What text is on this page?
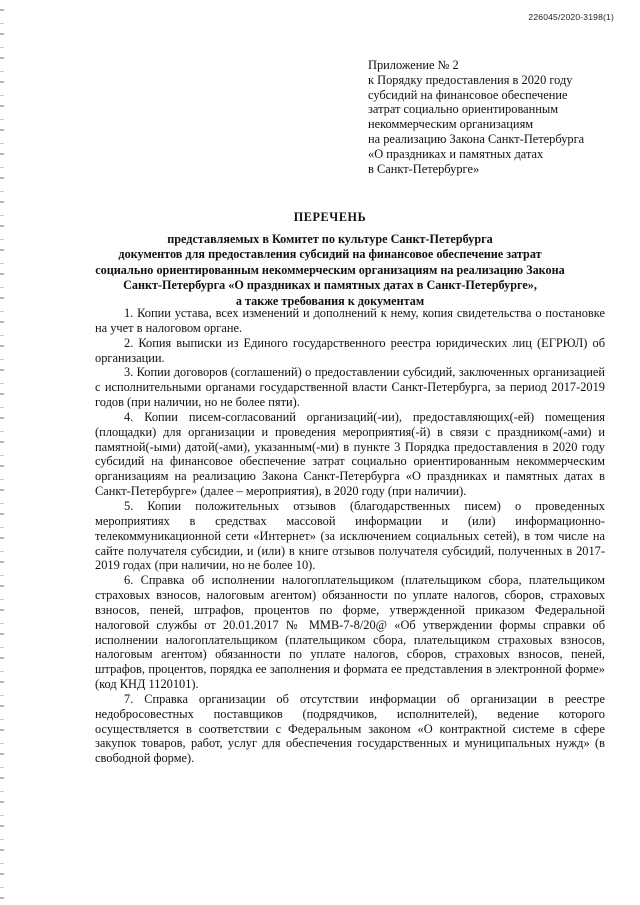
226045/2020-3198(1)
Приложение № 2
к Порядку предоставления в 2020 году
субсидий на финансовое обеспечение
затрат социально ориентированным
некоммерческим организациям
на реализацию Закона Санкт-Петербурга
«О праздниках и памятных датах
в Санкт-Петербурге»
ПЕРЕЧЕНЬ
представляемых в Комитет по культуре Санкт-Петербурга
документов для предоставления субсидий на финансовое обеспечение затрат
социально ориентированным некоммерческим организациям на реализацию Закона
Санкт-Петербурга «О праздниках и памятных датах в Санкт-Петербурге»,
а также требования к документам

1. Копии устава, всех изменений и дополнений к нему, копия свидетельства о постановке на учет в налоговом органе.

2. Копия выписки из Единого государственного реестра юридических лиц (ЕГРЮЛ) об организации.

3. Копии договоров (соглашений) о предоставлении субсидий, заключенных организацией с исполнительными органами государственной власти Санкт-Петербурга, за период 2017-2019 годов (при наличии, но не более пяти).

4. Копии писем-согласований организаций(-ии), предоставляющих(-ей) помещения (площадки) для организации и проведения мероприятия(-й) в связи с праздником(-ами) и памятной(-ыми) датой(-ами), указанным(-ми) в пункте 3 Порядка предоставления в 2020 году субсидий на финансовое обеспечение затрат социально ориентированным некоммерческим организациям на реализацию Закона Санкт-Петербурга «О праздниках и памятных датах в Санкт-Петербурге» (далее – мероприятия), в 2020 году (при наличии).

5. Копии положительных отзывов (благодарственных писем) о проведенных мероприятиях в средствах массовой информации и (или) информационно-телекоммуникационной сети «Интернет» (за исключением социальных сетей), в том числе на сайте получателя субсидии, и (или) в книге отзывов получателя субсидий, полученных в 2017-2019 годах (при наличии, но не более 10).

6. Справка об исполнении налогоплательщиком (плательщиком сбора, плательщиком страховых взносов, налоговым агентом) обязанности по уплате налогов, сборов, страховых взносов, пеней, штрафов, процентов по форме, утвержденной приказом Федеральной налоговой службы от 20.01.2017 № ММВ-7-8/20@ «Об утверждении формы справки об исполнении налогоплательщиком (плательщиком сбора, плательщиком страховых взносов, налоговым агентом) обязанности по уплате налогов, сборов, страховых взносов, пеней, штрафов, процентов, порядка ее заполнения и формата ее представления в электронной форме» (код КНД 1120101).

7. Справка организации об отсутствии информации об организации в реестре недобросовестных поставщиков (подрядчиков, исполнителей), ведение которого осуществляется в соответствии с Федеральным законом «О контрактной системе в сфере закупок товаров, работ, услуг для обеспечения государственных и муниципальных нужд» (в свободной форме).
